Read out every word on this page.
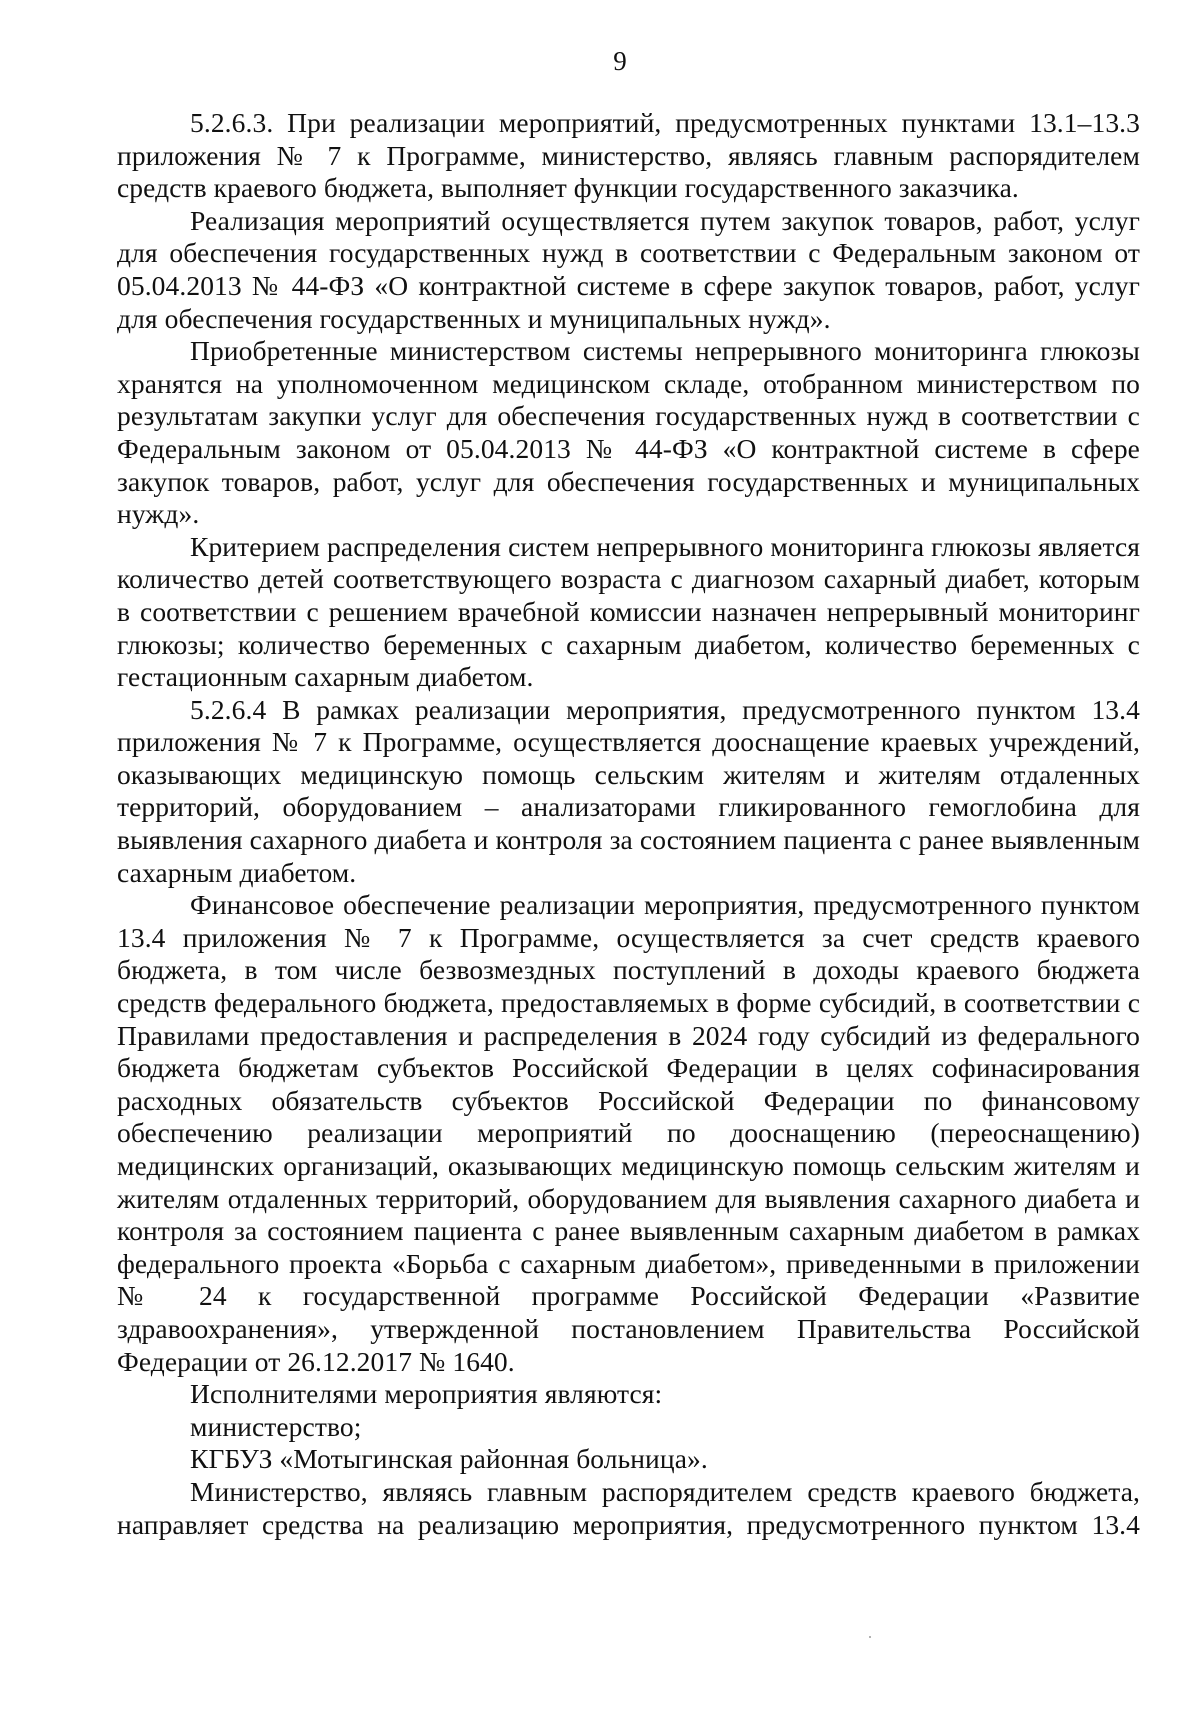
9

5.2.6.3. При реализации мероприятий, предусмотренных пунктами 13.1–13.3 приложения № 7 к Программе, министерство, являясь главным распорядителем средств краевого бюджета, выполняет функции государственного заказчика.

Реализация мероприятий осуществляется путем закупок товаров, работ, услуг для обеспечения государственных нужд в соответствии с Федеральным законом от 05.04.2013 № 44-ФЗ «О контрактной системе в сфере закупок товаров, работ, услуг для обеспечения государственных и муниципальных нужд».

Приобретенные министерством системы непрерывного мониторинга глюкозы хранятся на уполномоченном медицинском складе, отобранном министерством по результатам закупки услуг для обеспечения государственных нужд в соответствии с Федеральным законом от 05.04.2013 № 44-ФЗ «О контрактной системе в сфере закупок товаров, работ, услуг для обеспечения государственных и муниципальных нужд».

Критерием распределения систем непрерывного мониторинга глюкозы является количество детей соответствующего возраста с диагнозом сахарный диабет, которым в соответствии с решением врачебной комиссии назначен непрерывный мониторинг глюкозы; количество беременных с сахарным диабетом, количество беременных с гестационным сахарным диабетом.

5.2.6.4 В рамках реализации мероприятия, предусмотренного пунктом 13.4 приложения № 7 к Программе, осуществляется дооснащение краевых учреждений, оказывающих медицинскую помощь сельским жителям и жителям отдаленных территорий, оборудованием – анализаторами гликированного гемоглобина для выявления сахарного диабета и контроля за состоянием пациента с ранее выявленным сахарным диабетом.

Финансовое обеспечение реализации мероприятия, предусмотренного пунктом 13.4 приложения № 7 к Программе, осуществляется за счет средств краевого бюджета, в том числе безвозмездных поступлений в доходы краевого бюджета средств федерального бюджета, предоставляемых в форме субсидий, в соответствии с Правилами предоставления и распределения в 2024 году субсидий из федерального бюджета бюджетам субъектов Российской Федерации в целях софинасирования расходных обязательств субъектов Российской Федерации по финансовому обеспечению реализации мероприятий по дооснащению (переоснащению) медицинских организаций, оказывающих медицинскую помощь сельским жителям и жителям отдаленных территорий, оборудованием для выявления сахарного диабета и контроля за состоянием пациента с ранее выявленным сахарным диабетом в рамках федерального проекта «Борьба с сахарным диабетом», приведенными в приложении № 24 к государственной программе Российской Федерации «Развитие здравоохранения», утвержденной постановлением Правительства Российской Федерации от 26.12.2017 № 1640.

Исполнителями мероприятия являются:

министерство;

КГБУЗ «Мотыгинская районная больница».

Министерство, являясь главным распорядителем средств краевого бюджета, направляет средства на реализацию мероприятия, предусмотренного пунктом 13.4
